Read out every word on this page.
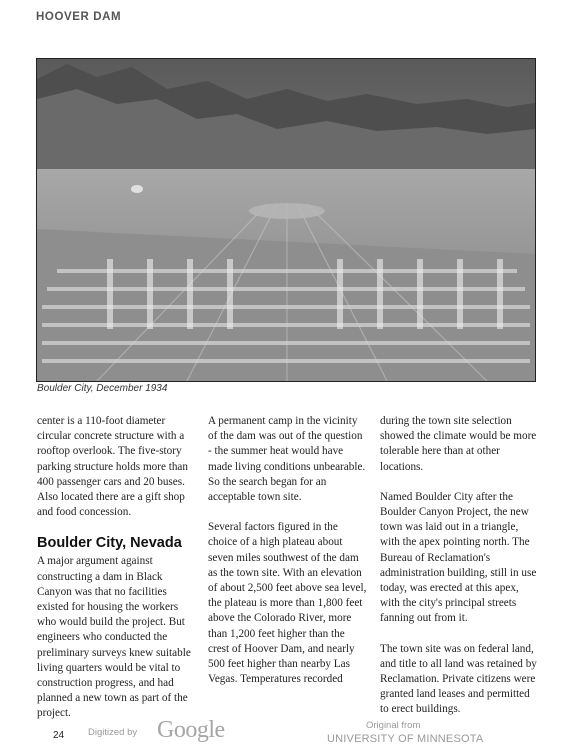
HOOVER DAM
Boulder City, December 1934

center is a 110-foot diameter circular concrete structure with a rooftop overlook. The five-story parking structure holds more than 400 passenger cars and 20 buses. Also located there are a gift shop and food concession.

Boulder City, Nevada

A major argument against constructing a dam in Black Canyon was that no facilities existed for housing the workers who would build the project. But engineers who conducted the preliminary surveys knew suitable living quarters would be vital to construction progress, and had planned a new town as part of the project.

A permanent camp in the vicinity of the dam was out of the question - the summer heat would have made living conditions unbearable. So the search began for an acceptable town site.

Several factors figured in the choice of a high plateau about seven miles southwest of the dam as the town site. With an elevation of about 2,500 feet above sea level, the plateau is more than 1,800 feet above the Colorado River, more than 1,200 feet higher than the crest of Hoover Dam, and nearly 500 feet higher than nearby Las Vegas. Temperatures recorded

during the town site selection showed the climate would be more tolerable here than at other locations.

Named Boulder City after the Boulder Canyon Project, the new town was laid out in a triangle, with the apex pointing north. The Bureau of Reclamation's administration building, still in use today, was erected at this apex, with the city's principal streets fanning out from it.

The town site was on federal land, and title to all land was retained by Reclamation. Private citizens were granted land leases and permitted to erect buildings.

24	Digitized by Google	Original from
UNIVERSITY OF MINNESOTA
